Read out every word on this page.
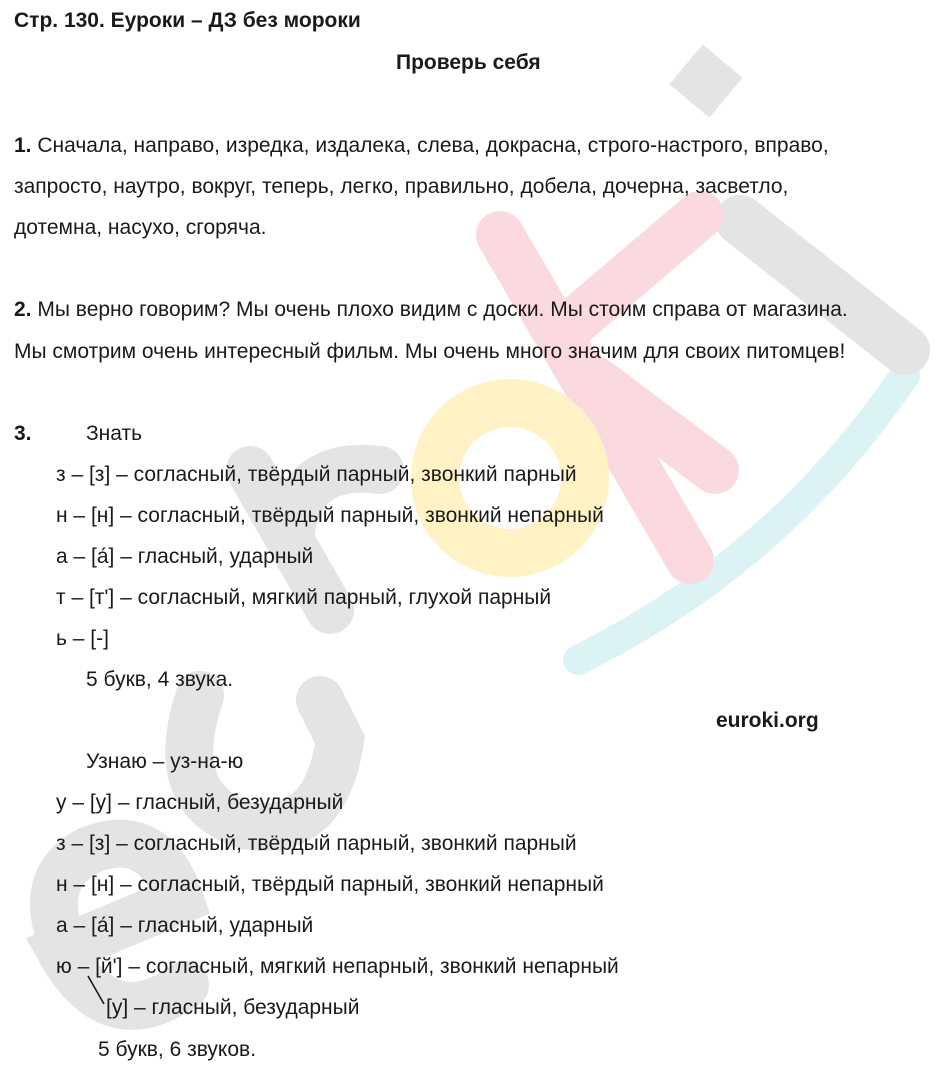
Стр. 130. Еуроки – ДЗ без мороки
Проверь себя
1. Сначала, направо, изредка, издалека, слева, докрасна, строго-настрого, вправо,
запросто, наутро, вокруг, теперь, легко, правильно, добела, дочерна, засветло,
дотемна, насухо, сгоряча.
2. Мы верно говорим? Мы очень плохо видим с доски. Мы стоим справа от магазина.
Мы смотрим очень интересный фильм. Мы очень много значим для своих питомцев!
3.	Знать
з – [з] – согласный, твёрдый парный, звонкий парный
н – [н] – согласный, твёрдый парный, звонкий непарный
а – [а́] – гласный, ударный
т – [т'] – согласный, мягкий парный, глухой парный
ь – [-]
5 букв, 4 звука.
euroki.org
Узнаю – уз-на-ю
у – [у] – гласный, безударный
з – [з] – согласный, твёрдый парный, звонкий парный
н – [н] – согласный, твёрдый парный, звонкий непарный
а – [а́] – гласный, ударный
ю – [й'] – согласный, мягкий непарный, звонкий непарный
[у] – гласный, безударный
5 букв, 6 звуков.
